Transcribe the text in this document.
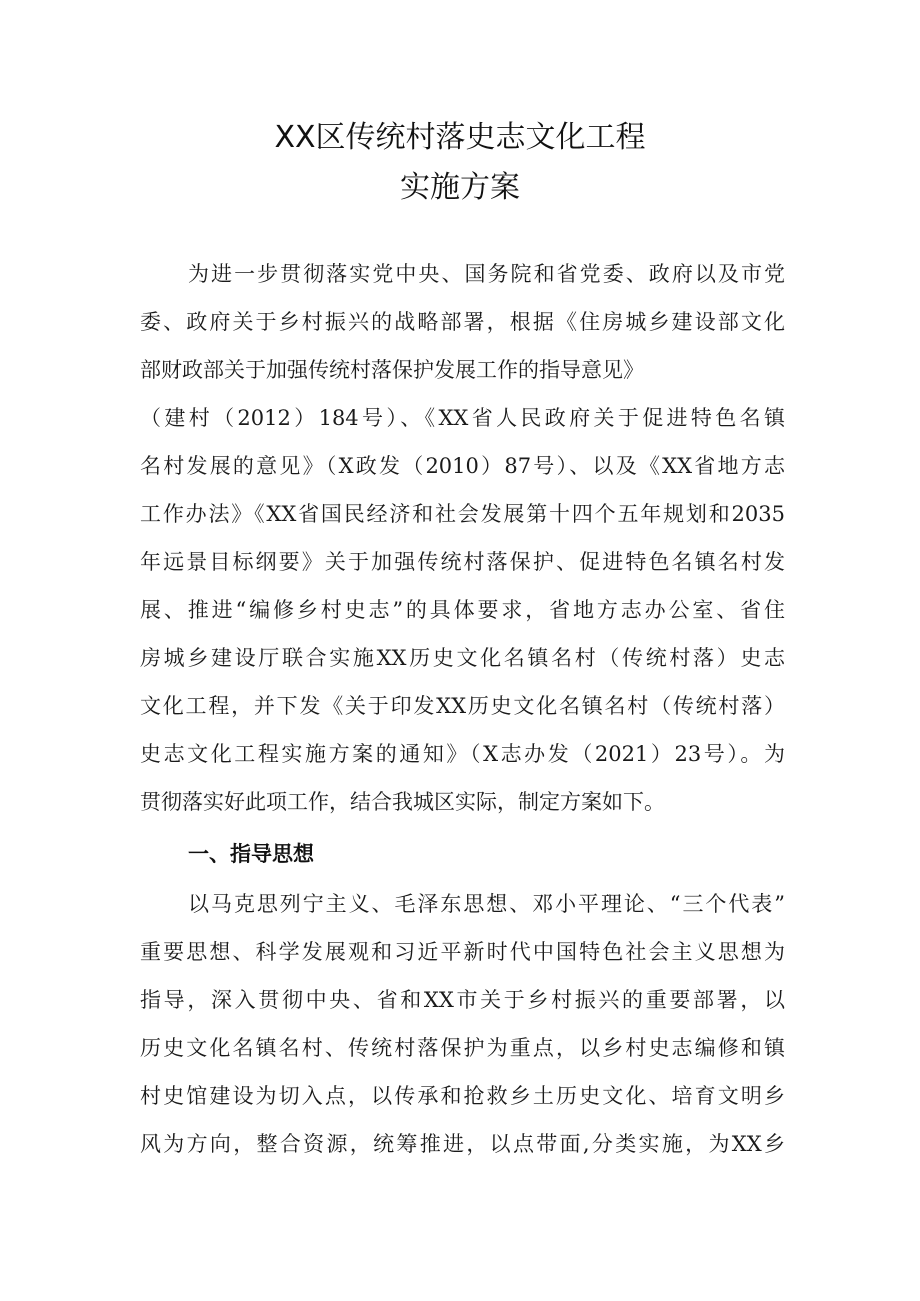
XX区传统村落史志文化工程
实施方案
为进一步贯彻落实党中央、国务院和省党委、政府以及市党
委、政府关于乡村振兴的战略部署，根据《住房城乡建设部文化
部财政部关于加强传统村落保护发展工作的指导意见》
（建村（2012）184号）、《XX省人民政府关于促进特色名镇
名村发展的意见》（X政发（2010）87号）、以及《XX省地方志
工作办法》《XX省国民经济和社会发展第十四个五年规划和2035
年远景目标纲要》关于加强传统村落保护、促进特色名镇名村发
展、推进“编修乡村史志”的具体要求，省地方志办公室、省住
房城乡建设厅联合实施XX历史文化名镇名村（传统村落）史志
文化工程，并下发《关于印发XX历史文化名镇名村（传统村落）
史志文化工程实施方案的通知》（X志办发（2021）23号）。为
贯彻落实好此项工作，结合我城区实际，制定方案如下。
一、指导思想
以马克思列宁主义、毛泽东思想、邓小平理论、“三个代表”
重要思想、科学发展观和习近平新时代中国特色社会主义思想为
指导，深入贯彻中央、省和XX市关于乡村振兴的重要部署，以
历史文化名镇名村、传统村落保护为重点，以乡村史志编修和镇
村史馆建设为切入点，以传承和抢救乡土历史文化、培育文明乡
风为方向，整合资源，统筹推进，以点带面,分类实施，为XX乡
